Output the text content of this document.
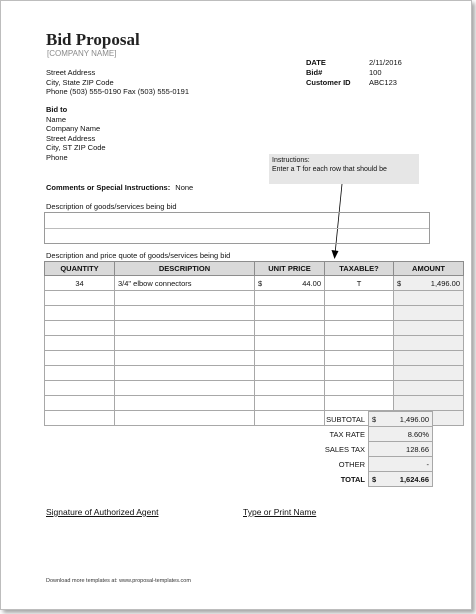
Bid Proposal
[COMPANY NAME]
Street Address
City, State ZIP Code
Phone (503) 555-0190 Fax (503) 555-0191
DATE	2/11/2016
Bid#	100
Customer ID ABC123
Bid to
Name
Company Name
Street Address
City, ST ZIP Code
Phone	Instructions:
Enter a T for each row that should be
Comments or Special Instructions: None
Description of goods/services being bid
Description and price quote of goods/services being bid
QUANTITY	DESCRIPTION	UNIT PRICE	TAXABLE?	AMOUNT
34	3/4" elbow connectors	$ 44.00	T	$ 1,496.00

SUBTOTAL	$ 1,496.00

TAX RATE	8.60%

SALES TAX	128.66

OTHER	-

TOTAL	$ 1,624.66
Signature of Authorized Agent	Type or Print Name
Download more templates at: www.proposal-templates.com
